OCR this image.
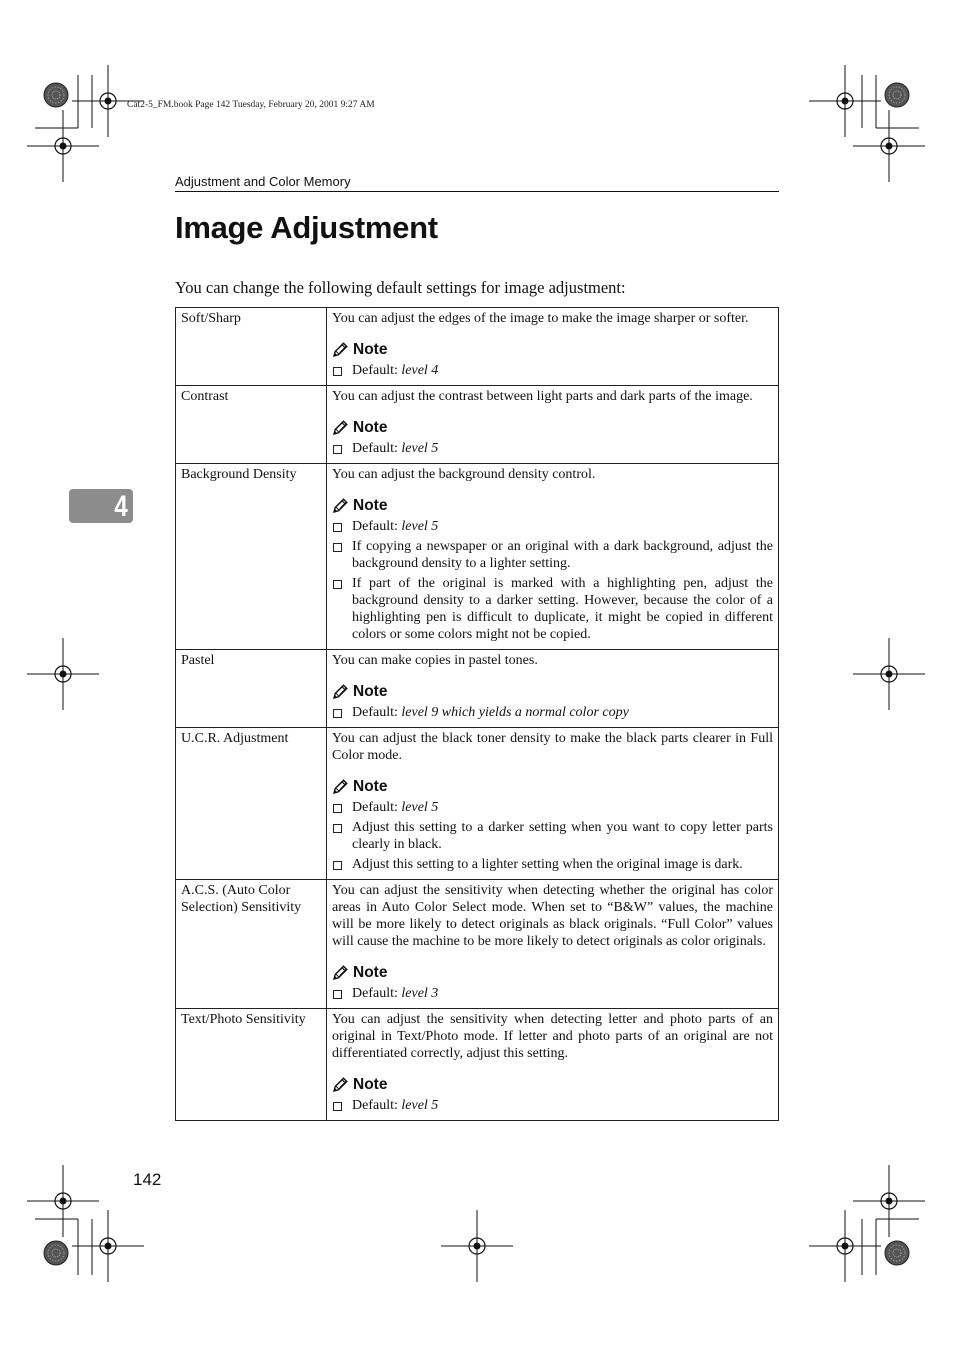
Cat2-5_FM.book Page 142 Tuesday, February 20, 2001 9:27 AM
Adjustment and Color Memory
Image Adjustment
You can change the following default settings for image adjustment:
4
Soft/Sharp	You can adjust the edges of the image to make the image sharper or softer.
Note
Default: level 4

Contrast	You can adjust the contrast between light parts and dark parts of the image.
Note
Default: level 5

Background Density	You can adjust the background density control.
Note
Default: level 5
If copying a newspaper or an original with a dark background, adjust the background density to a lighter setting.
If part of the original is marked with a highlighting pen, adjust the background density to a darker setting. However, because the color of a highlighting pen is difficult to duplicate, it might be copied in different colors or some colors might not be copied.

Pastel	You can make copies in pastel tones.
Note
Default: level 9 which yields a normal color copy

U.C.R. Adjustment	You can adjust the black toner density to make the black parts clearer in Full Color mode.
Note
Default: level 5
Adjust this setting to a darker setting when you want to copy letter parts clearly in black.
Adjust this setting to a lighter setting when the original image is dark.

A.C.S. (Auto Color Selection) Sensitivity	You can adjust the sensitivity when detecting whether the original has color areas in Auto Color Select mode. When set to “B&W” values, the machine will be more likely to detect originals as black originals. “Full Color” values will cause the machine to be more likely to detect originals as color originals.
Note
Default: level 3

Text/Photo Sensitivity	You can adjust the sensitivity when detecting letter and photo parts of an original in Text/Photo mode. If letter and photo parts of an original are not differentiated correctly, adjust this setting.
Note
Default: level 5
142
